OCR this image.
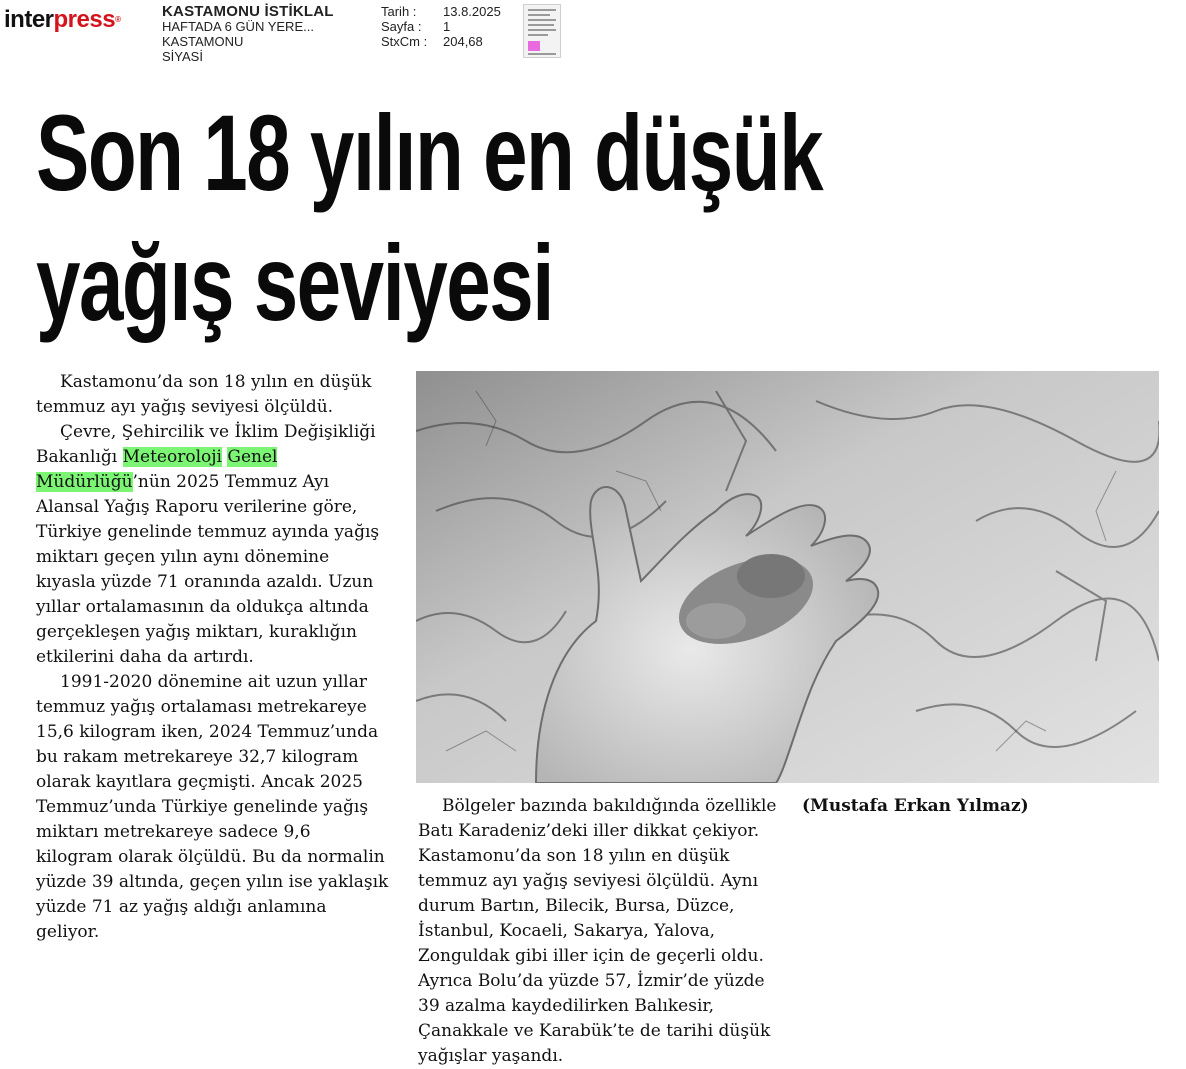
interpress®	KASTAMONU İSTİKLAL
HAFTADA 6 GÜN YERE...
KASTAMONU
SİYASİ
Tarih :	13.8.2025
Sayfa :	1
StxCm :	204,68
Son 18 yılın en düşük
yağış seviyesi

Kastamonu’da son 18 yılın en düşük temmuz ayı yağış seviyesi ölçüldü.

Çevre, Şehircilik ve İklim Değişikliği Bakanlığı Meteoroloji Genel Müdürlüğü’nün 2025 Temmuz Ayı Alansal Yağış Raporu verilerine göre, Türkiye genelinde temmuz ayında yağış miktarı geçen yılın aynı dönemine kıyasla yüzde 71 oranında azaldı. Uzun yıllar ortalamasının da oldukça altında gerçekleşen yağış miktarı, kuraklığın etkilerini daha da artırdı.

1991-2020 dönemine ait uzun yıllar temmuz yağış ortalaması metrekareye 15,6 kilogram iken, 2024 Temmuz’unda bu rakam metrekareye 32,7 kilogram olarak kayıtlara geçmişti. Ancak 2025 Temmuz’unda Türkiye genelinde yağış miktarı metrekareye sadece 9,6 kilogram olarak ölçüldü. Bu da normalin yüzde 39 altında, geçen yılın ise yaklaşık yüzde 71 az yağış aldığı anlamına geliyor.

Bölgeler bazında bakıldığında özellikle Batı Karadeniz’deki iller dikkat çekiyor. Kastamonu’da son 18 yılın en düşük temmuz ayı yağış seviyesi ölçüldü. Aynı durum Bartın, Bilecik, Bursa, Düzce, İstanbul, Kocaeli, Sakarya, Yalova, Zonguldak gibi iller için de geçerli oldu. Ayrıca Bolu’da yüzde 57, İzmir’de yüzde 39 azalma kaydedilirken Balıkesir, Çanakkale ve Karabük’te de tarihi düşük yağışlar yaşandı.

(Mustafa Erkan Yılmaz)
